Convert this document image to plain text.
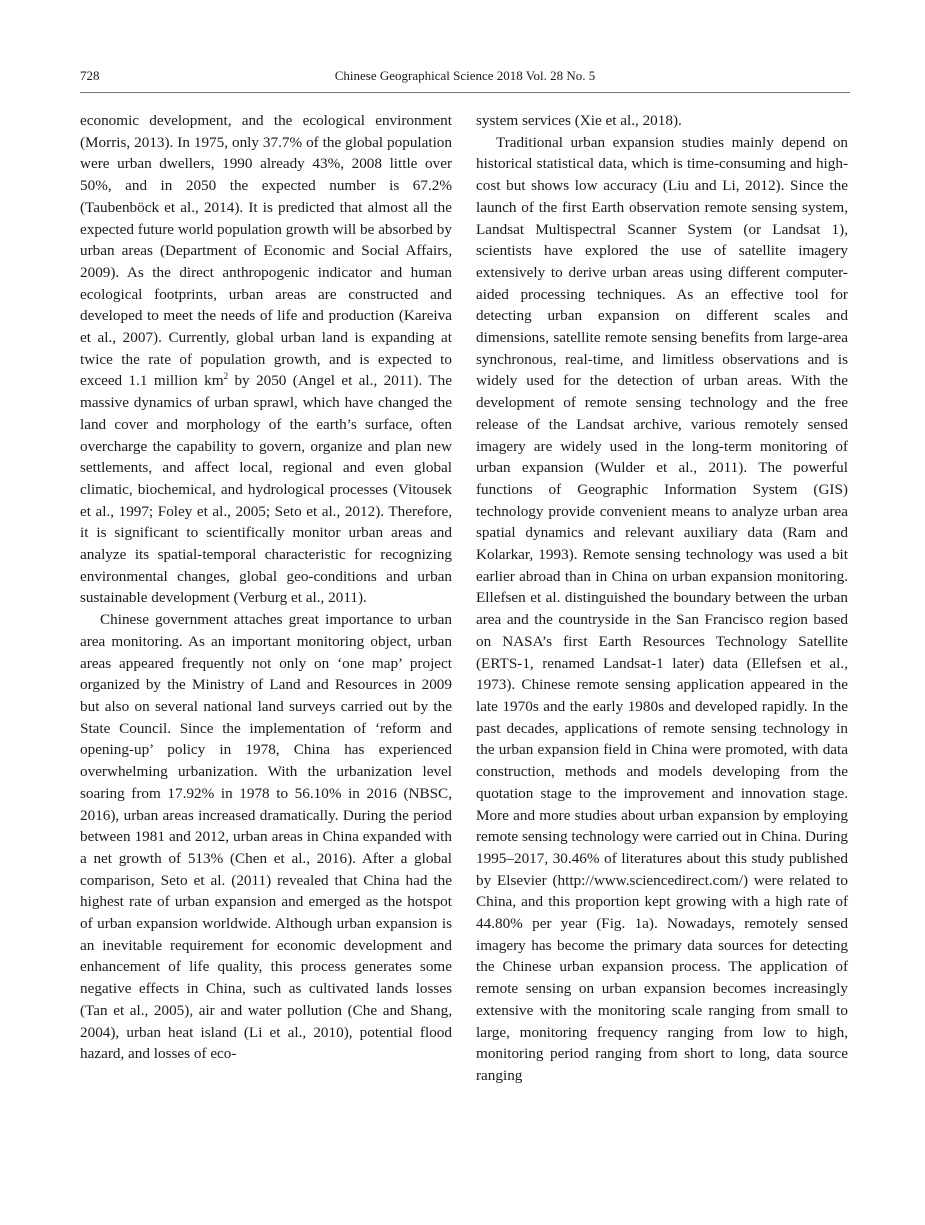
728	Chinese Geographical Science 2018 Vol. 28 No. 5

economic development, and the ecological environment (Morris, 2013). In 1975, only 37.7% of the global population were urban dwellers, 1990 already 43%, 2008 little over 50%, and in 2050 the expected number is 67.2% (Taubenböck et al., 2014). It is predicted that almost all the expected future world population growth will be absorbed by urban areas (Department of Economic and Social Affairs, 2009). As the direct anthropogenic indicator and human ecological footprints, urban areas are constructed and developed to meet the needs of life and production (Kareiva et al., 2007). Currently, global urban land is expanding at twice the rate of population growth, and is expected to exceed 1.1 million $km^2$ by 2050 (Angel et al., 2011). The massive dynamics of urban sprawl, which have changed the land cover and morphology of the earth’s surface, often overcharge the capability to govern, organize and plan new settlements, and affect local, regional and even global climatic, biochemical, and hydrological processes (Vitousek et al., 1997; Foley et al., 2005; Seto et al., 2012). Therefore, it is significant to scientifically monitor urban areas and analyze its spatial-temporal characteristic for recognizing environmental changes, global geo-conditions and urban sustainable development (Verburg et al., 2011).

Chinese government attaches great importance to urban area monitoring. As an important monitoring object, urban areas appeared frequently not only on ‘one map’ project organized by the Ministry of Land and Resources in 2009 but also on several national land surveys carried out by the State Council. Since the implementation of ‘reform and opening-up’ policy in 1978, China has experienced overwhelming urbanization. With the urbanization level soaring from 17.92% in 1978 to 56.10% in 2016 (NBSC, 2016), urban areas increased dramatically. During the period between 1981 and 2012, urban areas in China expanded with a net growth of 513% (Chen et al., 2016). After a global comparison, Seto et al. (2011) revealed that China had the highest rate of urban expansion and emerged as the hotspot of urban expansion worldwide. Although urban expansion is an inevitable requirement for economic development and enhancement of life quality, this process generates some negative effects in China, such as cultivated lands losses (Tan et al., 2005), air and water pollution (Che and Shang, 2004), urban heat island (Li et al., 2010), potential flood hazard, and losses of eco-

system services (Xie et al., 2018).

Traditional urban expansion studies mainly depend on historical statistical data, which is time-consuming and high-cost but shows low accuracy (Liu and Li, 2012). Since the launch of the first Earth observation remote sensing system, Landsat Multispectral Scanner System (or Landsat 1), scientists have explored the use of satellite imagery extensively to derive urban areas using different computer-aided processing techniques. As an effective tool for detecting urban expansion on different scales and dimensions, satellite remote sensing benefits from large-area synchronous, real-time, and limitless observations and is widely used for the detection of urban areas. With the development of remote sensing technology and the free release of the Landsat archive, various remotely sensed imagery are widely used in the long-term monitoring of urban expansion (Wulder et al., 2011). The powerful functions of Geographic Information System (GIS) technology provide convenient means to analyze urban area spatial dynamics and relevant auxiliary data (Ram and Kolarkar, 1993). Remote sensing technology was used a bit earlier abroad than in China on urban expansion monitoring. Ellefsen et al. distinguished the boundary between the urban area and the countryside in the San Francisco region based on NASA’s first Earth Resources Technology Satellite (ERTS-1, renamed Landsat-1 later) data (Ellefsen et al., 1973). Chinese remote sensing application appeared in the late 1970s and the early 1980s and developed rapidly. In the past decades, applications of remote sensing technology in the urban expansion field in China were promoted, with data construction, methods and models developing from the quotation stage to the improvement and innovation stage. More and more studies about urban expansion by employing remote sensing technology were carried out in China. During 1995–2017, 30.46% of literatures about this study published by Elsevier (http://www.sciencedirect.com/) were related to China, and this proportion kept growing with a high rate of 44.80% per year (Fig. 1a). Nowadays, remotely sensed imagery has become the primary data sources for detecting the Chinese urban expansion process. The application of remote sensing on urban expansion becomes increasingly extensive with the monitoring scale ranging from small to large, monitoring frequency ranging from low to high, monitoring period ranging from short to long, data source ranging
